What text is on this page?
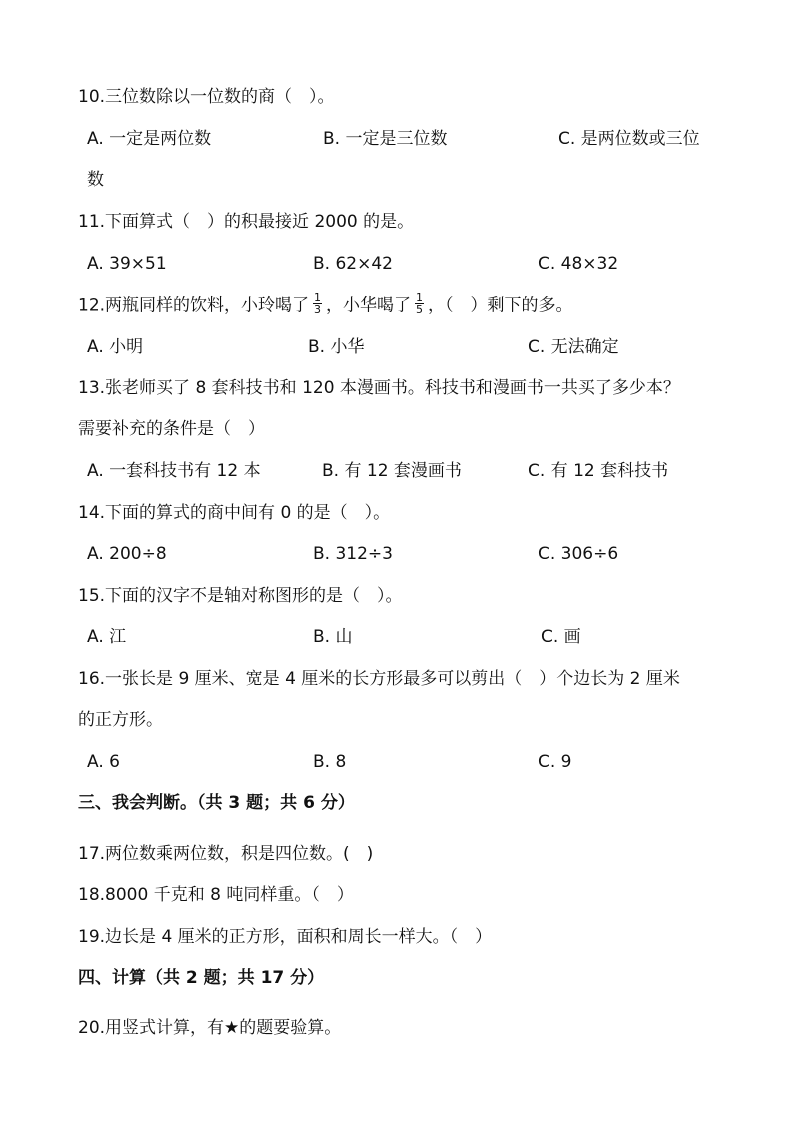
10.三位数除以一位数的商（　）。
A. 一定是两位数	B. 一定是三位数	C. 是两位数或三位
数
11.下面算式（　）的积最接近 2000 的是。
A. 39×51	B. 62×42	C. 48×32
12.两瓶同样的饮料，小玲喝了 $\frac{1}{3}$ ，小华喝了 $\frac{1}{5}$ ，（　）剩下的多。
A. 小明	B. 小华	C. 无法确定
13.张老师买了 8 套科技书和 120 本漫画书。科技书和漫画书一共买了多少本？
需要补充的条件是（　）
A. 一套科技书有 12 本	B. 有 12 套漫画书	C. 有 12 套科技书
14.下面的算式的商中间有 0 的是（　）。
A. 200÷8	B. 312÷3	C. 306÷6
15.下面的汉字不是轴对称图形的是（　）。
A. 江	B. 山	C. 画
16.一张长是 9 厘米、宽是 4 厘米的长方形最多可以剪出（　）个边长为 2 厘米
的正方形。
A. 6	B. 8	C. 9
三、我会判断。（共 3 题；共 6 分）
17.两位数乘两位数，积是四位数。(　)
18.8000 千克和 8 吨同样重。（　）
19.边长是 4 厘米的正方形，面积和周长一样大。（　）
四、计算（共 2 题；共 17 分）
20.用竖式计算，有★的题要验算。
